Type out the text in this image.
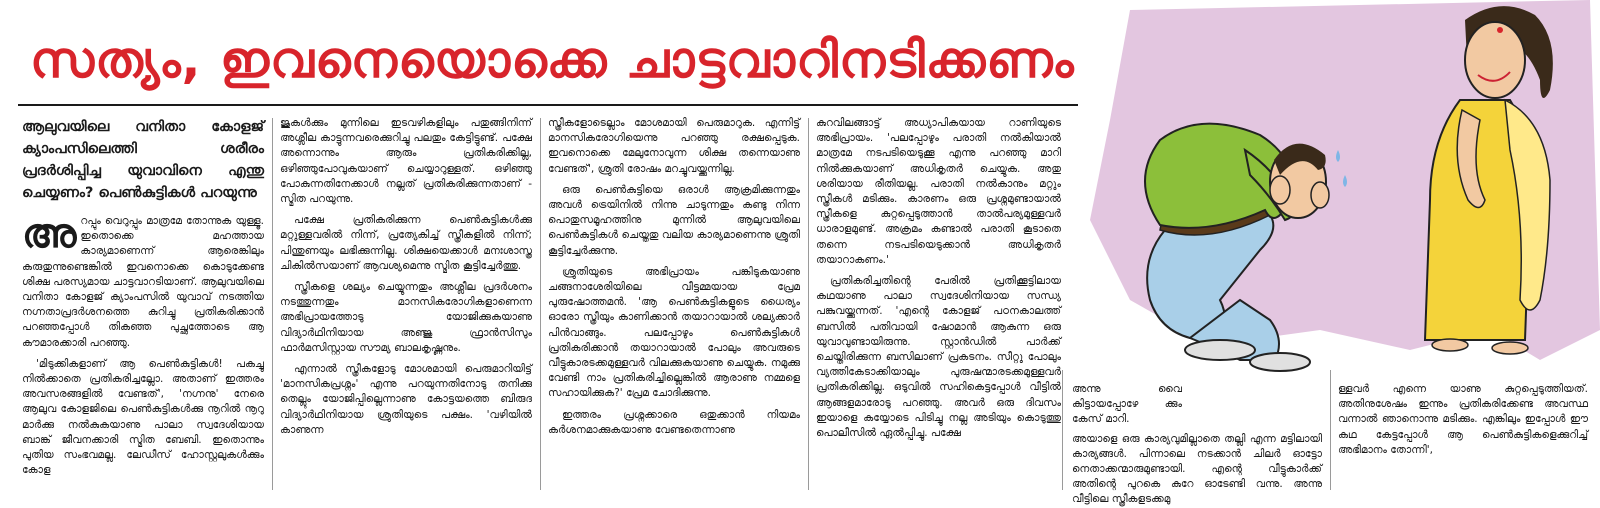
സത്യം, ഇവനെയൊക്കെ ചാട്ടവാറിനടിക്കണം
ആലുവയിലെ വനിതാ കോളജ് ക്യാംപസിലെത്തി ശരീരം പ്രദര്‍ശിപ്പിച്ച യുവാവിനെ എന്തു ചെയ്യണം? പെണ്‍കുട്ടികള്‍ പറയുന്നു

അറപ്പും വെറുപ്പും മാത്രമേ തോന്നുക യുള്ളൂ. ഇതൊക്കെ മഹത്തായ കാര്യമാണെന്ന് ആരെങ്കിലും കരുതുന്നുണ്ടെങ്കില്‍ ഇവനൊക്കെ കൊടുക്കേണ്ട ശിക്ഷ പരസ്യമായ ചാട്ടവാറടിയാണ്. ആലുവയിലെ വനിതാ കോളജ് ക്യാംപസില്‍ യുവാവ് നടത്തിയ നഗ്നതാപ്രദര്‍ശനത്തെ കുറിച്ചു പ്രതികരിക്കാന്‍ പറഞ്ഞപ്പോള്‍ തികഞ്ഞ പുച്ഛത്തോടെ ആ കൗമാരക്കാരി പറഞ്ഞു.

'മിടുക്കികളാണ് ആ പെണ്‍കുട്ടികള്‍! പകച്ചു നില്‍ക്കാതെ പ്രതികരിച്ചല്ലോ. അതാണ് ഇത്തരം അവസരങ്ങളില്‍ വേണ്ടത്', 'നഗ്നനു' നേരെ ആലുവ കോളജിലെ പെണ്‍കുട്ടികള്‍ക്കു നൂറില്‍ നൂറു മാര്‍ക്കു നല്‍കുകയാണു പാലാ സ്വദേശിയായ ബാങ്ക് ജീവനക്കാരി സ്മിത ബേബി. ഇതൊന്നും പുതിയ സംഭവമല്ല. ലേഡീസ് ഹോസ്റ്റലുകള്‍ക്കും കോള

ജുകള്‍ക്കും മുന്നിലെ ഇടവഴികളിലും പതുങ്ങിനിന്ന് അശ്ലീല കാട്ടുന്നവരെക്കുറിച്ചു പലതും കേട്ടിട്ടുണ്ട്. പക്ഷേ അന്നൊന്നും ആരും പ്രതികരിക്കില്ല, ഒഴിഞ്ഞുപോവുകയാണ് ചെയ്യാറുള്ളത്. ഒഴിഞ്ഞു പോകുന്നതിനേക്കാള്‍ നല്ലത് പ്രതികരിക്കുന്നതാണ് - സ്മിത പറയുന്നു.

പക്ഷേ പ്രതികരിക്കുന്ന പെണ്‍കുട്ടികള്‍ക്കു മറ്റുള്ളവരില്‍ നിന്ന്, പ്രത്യേകിച്ച് സ്ത്രീകളില്‍ നിന്ന്; പിന്തുണയും ലഭിക്കുന്നില്ല. ശിക്ഷയെക്കാള്‍ മനഃശാസ്ത്ര ചികില്‍സയാണ് ആവശ്യമെന്നു സ്മിത കൂട്ടിച്ചേര്‍ത്തു.

സ്ത്രീകളെ ശല്യം ചെയ്യുന്നതും അശ്ലീല പ്രദര്‍ശനം നടത്തുന്നതും മാനസികരോഗികളാണെന്ന അഭിപ്രായത്തോടു യോജിക്കുകയാണു വിദ്യാര്‍ഥിനിയായ അഞ്ജു ഫ്രാന്‍സിസും ഫാര്‍മസിസ്റ്റായ സൗമ്യ ബാലകൃഷ്ണനും.

എന്നാല്‍ സ്ത്രീകളോടു മോശമായി പെരുമാറിയിട്ട് 'മാനസികപ്രശ്നം' എന്നു പറയുന്നതിനോടു തനിക്കു തെല്ലും യോജിപ്പില്ലെന്നാണു കോട്ടയത്തെ ബിരുദ വിദ്യാര്‍ഥിനിയായ ശ്രുതിയുടെ പക്ഷം. 'വഴിയില്‍ കാണുന്ന

സ്ത്രീകളോടെല്ലാം മോശമായി പെരുമാറുക. എന്നിട്ട് മാനസികരോഗിയെന്നു പറഞ്ഞു രക്ഷപ്പെടുക. ഇവനൊക്കെ മേലുനോവുന്ന ശിക്ഷ തന്നെയാണു വേണ്ടത്', ശ്രുതി രോഷം മറച്ചുവയ്ക്കുന്നില്ല.

ഒരു പെണ്‍കുട്ടിയെ ഒരാള്‍ ആക്രമിക്കുന്നതും അവള്‍ ട്രെയിനില്‍ നിന്നു ചാടുന്നതും കണ്ടു നിന്ന പൊതുസമൂഹത്തിനു മുന്നില്‍ ആലുവയിലെ പെണ്‍കുട്ടികള്‍ ചെയ്തതു വലിയ കാര്യമാണെന്നു ശ്രുതി കൂട്ടിച്ചേര്‍ക്കുന്നു.

ശ്രുതിയുടെ അഭിപ്രായം പങ്കിടുകയാണു ചങ്ങനാശേരിയിലെ വീട്ടമ്മയായ പ്രേമ പുരുഷോത്തമന്‍. 'ആ പെണ്‍കുട്ടികളുടെ ധൈര്യം ഓരോ സ്ത്രീയും കാണിക്കാന്‍ തയാറായാല്‍ ശല്യക്കാര്‍ പിന്‍വാങ്ങും. പലപ്പോഴും പെണ്‍കുട്ടികള്‍ പ്രതികരിക്കാന്‍ തയാറായാല്‍ പോലും അവരുടെ വീട്ടുകാരടക്കമുള്ളവര്‍ വിലക്കുകയാണു ചെയ്യുക. നമുക്കു വേണ്ടി നാം പ്രതികരിച്ചില്ലെങ്കില്‍ ആരാണു നമ്മളെ സഹായിക്കുക?' പ്രേമ ചോദിക്കുന്നു.

ഇത്തരം പ്രശ്നക്കാരെ ഒതുക്കാന്‍ നിയമം കര്‍ശനമാക്കുകയാണു വേണ്ടതെന്നാണു

കുറവിലങ്ങാട്ട് അധ്യാപികയായ റാണിയുടെ അഭിപ്രായം. 'പലപ്പോഴും പരാതി നല്‍കിയാല്‍ മാത്രമേ നടപടിയെടുക്കൂ എന്നു പറഞ്ഞു മാറി നില്‍ക്കുകയാണ് അധികൃതര്‍ ചെയ്യുക. അതു ശരിയായ രീതിയല്ല. പരാതി നല്‍കാനും മറ്റും സ്ത്രീകള്‍ മടിക്കും. കാരണം ഒരു പ്രശ്നമുണ്ടായാല്‍ സ്ത്രീകളെ കുറ്റപ്പെടുത്താന്‍ താല്‍പര്യമുള്ളവര്‍ ധാരാളമുണ്ട്. അക്രമം കണ്ടാല്‍ പരാതി കൂടാതെ തന്നെ നടപടിയെടുക്കാന്‍ അധികൃതര്‍ തയാറാകണം.'

പ്രതികരിച്ചതിന്റെ പേരില്‍ പ്രതിക്കൂട്ടിലായ കഥയാണു പാലാ സ്വദേശിനിയായ സന്ധ്യ പങ്കുവയ്ക്കുന്നത്. 'എന്റെ കോളജ് പഠനകാലത്ത് ബസില്‍ പതിവായി ഷോമാന്‍ ആകുന്ന ഒരു യുവാവുണ്ടായിരുന്നു. സ്റ്റാന്‍ഡില്‍ പാര്‍ക്ക് ചെയ്തിരിക്കുന്ന ബസിലാണ് പ്രകടനം. സീറ്റു പോലും വ്യത്തികേടാക്കിയാലും പുരുഷന്മാരടക്കമുള്ളവര്‍ പ്രതികരിക്കില്ല. ഒടുവില്‍ സഹികെട്ടപ്പോള്‍ വീട്ടില്‍ ആങ്ങളമാരോടു പറഞ്ഞു. അവര്‍ ഒരു ദിവസം ഇയാളെ കയ്യോടെ പിടിച്ചു നല്ല അടിയും കൊടുത്തു പൊലീസില്‍ ഏല്‍പ്പിച്ചു. പക്ഷേ

അന്നു വൈ കിട്ടായപ്പോഴേ ക്കും കേസ് മാറി.
അയാളെ ഒരു കാര്യവുമില്ലാതെ തല്ലി എന്ന മട്ടിലായി കാര്യങ്ങള്‍. പിന്നാലെ നടക്കാന്‍ ചിലര്‍ ഓട്ടോ നെതാക്കന്മാരുമുണ്ടായി. എന്റെ വീട്ടുകാര്‍ക്ക് അതിന്റെ പുറകെ കുറേ ഓടേണ്ടി വന്നു. അന്നു വീട്ടിലെ സ്ത്രീകളടക്കമു
ള്ളവര്‍ എന്നെ യാണു കുറ്റപ്പെടുത്തിയത്. അതിനുശേഷം ഇന്നും പ്രതികരിക്കേണ്ട അവസ്ഥ വന്നാല്‍ ഞാനൊന്നു മടിക്കും. എങ്കിലും ഇപ്പോള്‍ ഈ കഥ കേട്ടപ്പോള്‍ ആ പെണ്‍കുട്ടികളെക്കുറിച്ച് അഭിമാനം തോന്നി',
